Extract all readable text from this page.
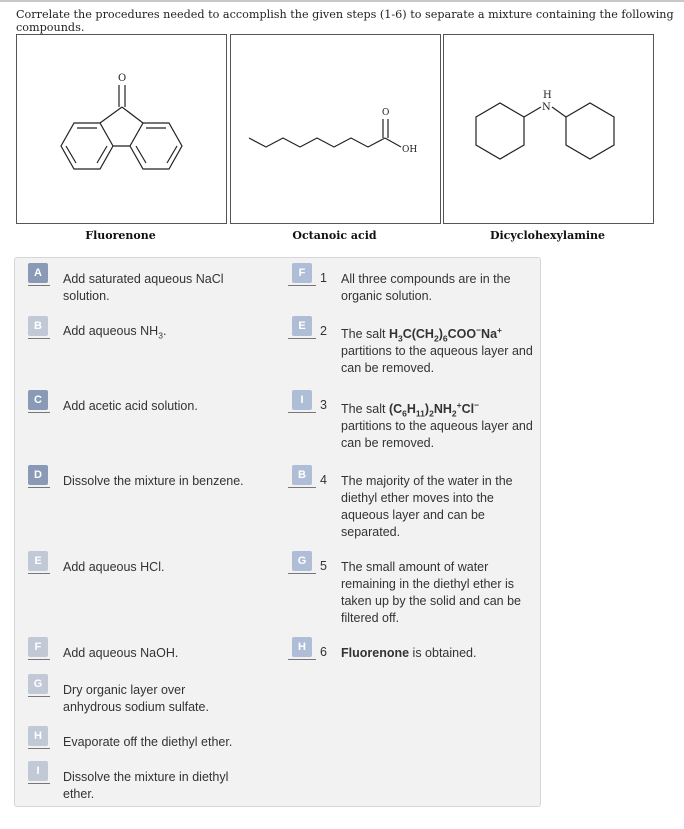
Correlate the procedures needed to accomplish the given steps (1-6) to separate a mixture containing the following compounds.
O
O
OH
H
N
Fluorenone	Octanoic acid	Dicyclohexylamine
A	Add saturated aqueous NaCl solution.
B	Add aqueous $NH_3$.
C	Add acetic acid solution.
D	Dissolve the mixture in benzene.
E	Add aqueous HCl.
F	Add aqueous NaOH.
G	Dry organic layer over anhydrous sodium sulfate.
H	Evaporate off the diethyl ether.
I	Dissolve the mixture in diethyl ether.
F	1 All three compounds are in the organic solution.
E	2 The salt $H_3C(CH_2)_6COO^-Na^+$
partitions to the aqueous layer and can be removed.
I	3 The salt $(C_6H_{11})_2NH_2^+Cl^-$
partitions to the aqueous layer and can be removed.
B	4 The majority of the water in the diethyl ether moves into the aqueous layer and can be separated.
G	5 The small amount of water remaining in the diethyl ether is taken up by the solid and can be filtered off.
H	6 Fluorenone is obtained.
